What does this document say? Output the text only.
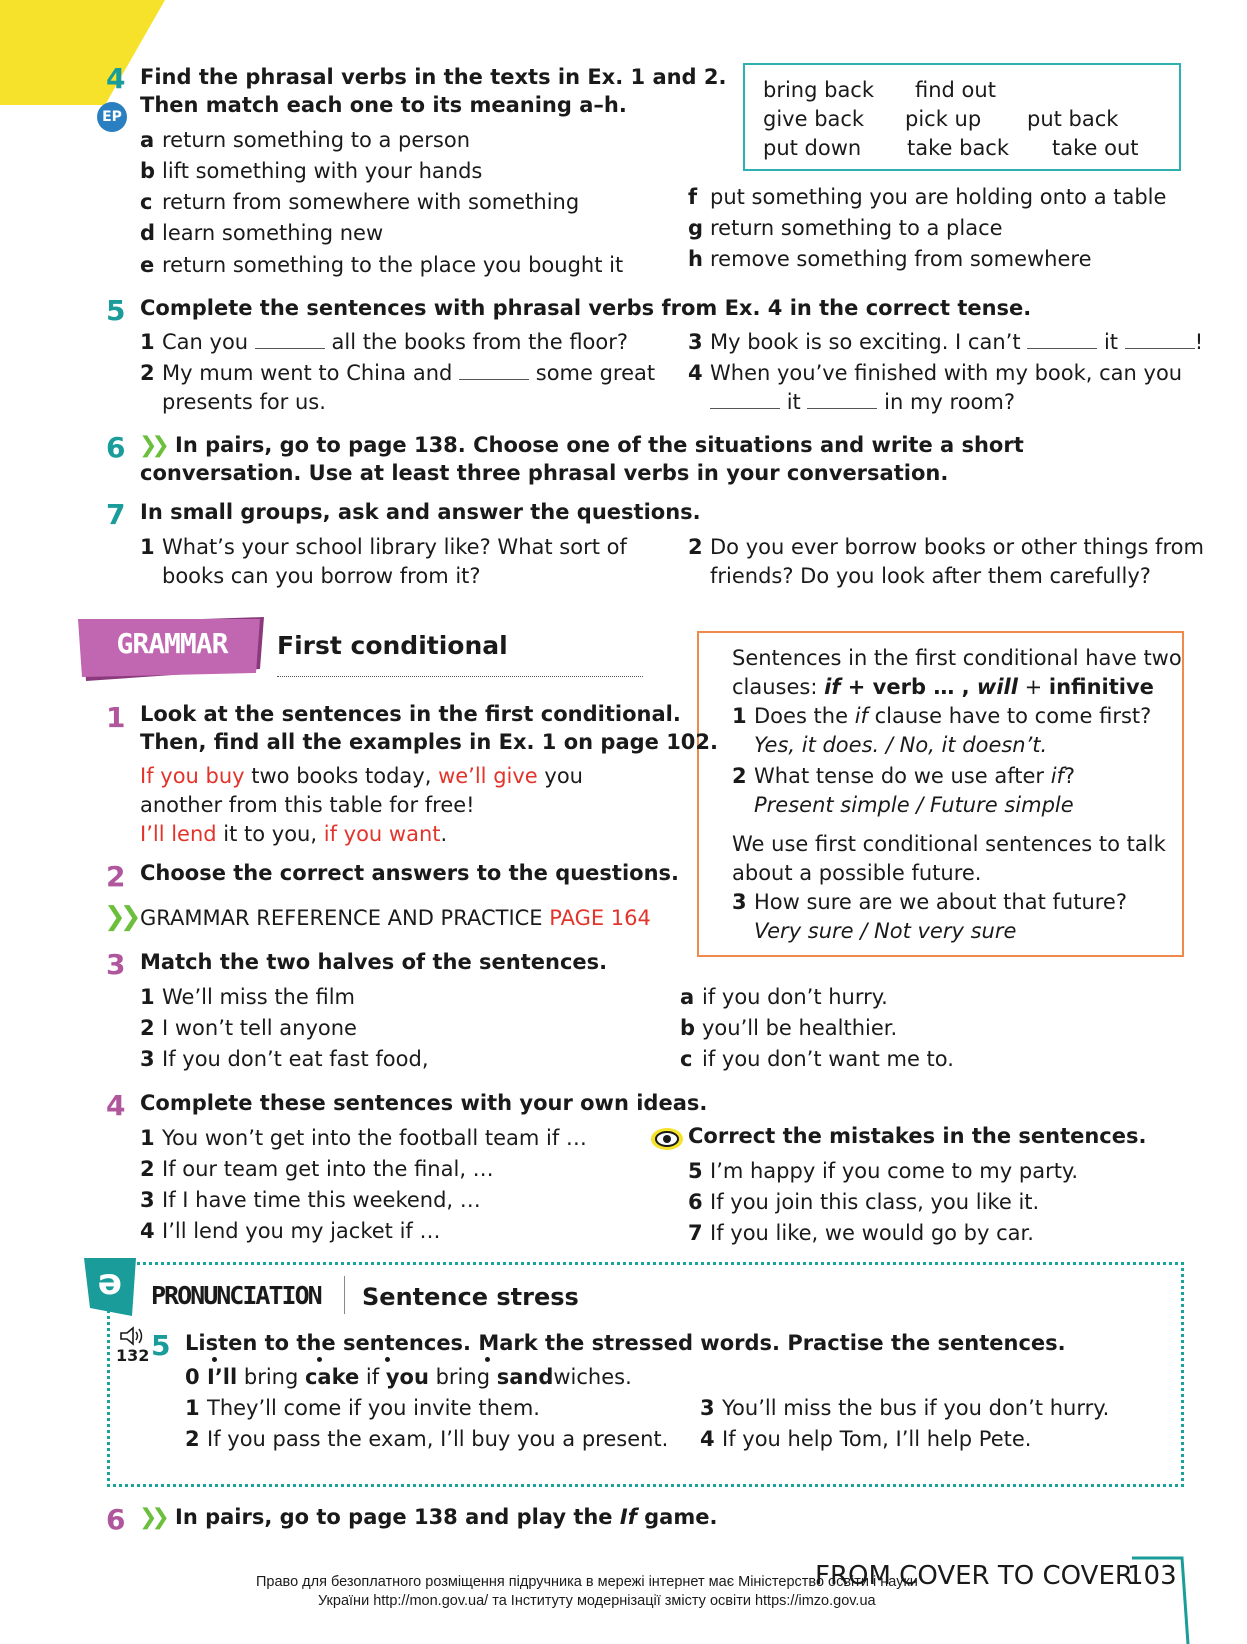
4
EP
Find the phrasal verbs in the texts in Ex. 1 and 2.
Then match each one to its meaning a–h.
a return something to a person
b lift something with your hands
c return from somewhere with something
d learn something new
e return something to the place you bought it
bring back find out
give back pick up put back
put down take back take out
f put something you are holding onto a table
g return something to a place
h remove something from somewhere
5 Complete the sentences with phrasal verbs from Ex. 4 in the correct tense.
1 Can you	all the books from the floor?
2 My mum went to China and	some great
presents for us.
3 My book is so exciting. I can’t	it	!
4 When you’ve finished with my book, can you
it	in my room?
6 ❯❯ In pairs, go to page 138. Choose one of the situations and write a short
conversation. Use at least three phrasal verbs in your conversation.
7 In small groups, ask and answer the questions.
1 What’s your school library like? What sort of
books can you borrow from it?
2 Do you ever borrow books or other things from
friends? Do you look after them carefully?
GRAMMAR	First conditional	Sentences in the first conditional have two
clauses: if + verb … , will + infinitive
1 Does the if clause have to come first?
Yes, it does. / No, it doesn’t.
2 What tense do we use after if?
Present simple / Future simple
We use first conditional sentences to talk
about a possible future.
3 How sure are we about that future?
Very sure / Not very sure
1 Look at the sentences in the first conditional.
Then, find all the examples in Ex. 1 on page 102.
If you buy two books today, we’ll give you
another from this table for free!
I’ll lend it to you, if you want.
2 Choose the correct answers to the questions.
❯❯ GRAMMAR REFERENCE AND PRACTICE PAGE 164
3 Match the two halves of the sentences.
1 We’ll miss the film
2 I won’t tell anyone
3 If you don’t eat fast food,
a if you don’t hurry.
b you’ll be healthier.
c if you don’t want me to.
4 Complete these sentences with your own ideas.
1 You won’t get into the football team if …
2 If our team get into the final, …
3 If I have time this weekend, …
4 I’ll lend you my jacket if …
Correct the mistakes in the sentences.
5 I’m happy if you come to my party.
6 If you join this class, you like it.
7 If you like, we would go by car.
ə	PRONUNCIATION Sentence stress
132 5 Listen to the sentences. Mark the stressed words. Practise the sentences.
0 I’ll bring cake if you bring sandwiches.
1 They’ll come if you invite them.
2 If you pass the exam, I’ll buy you a present.
3 You’ll miss the bus if you don’t hurry.
4 If you help Tom, I’ll help Pete.
6 ❯❯ In pairs, go to page 138 and play the If game.
FROM COVER TO COVER
103
Право для безоплатного розміщення підручника в мережі інтернет має Міністерство освіти і науки
України http://mon.gov.ua/ та Інституту модернізації змісту освіти https://imzo.gov.ua
